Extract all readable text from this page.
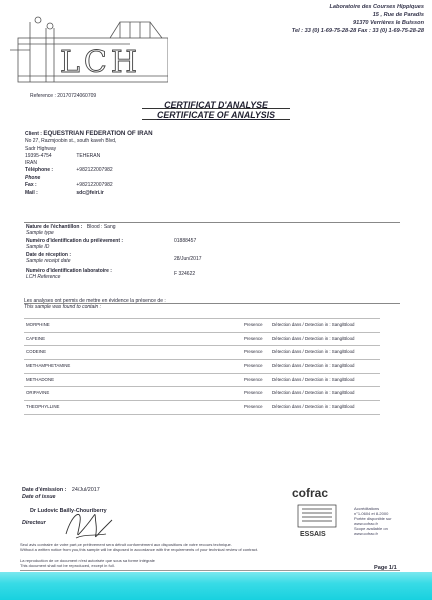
LCH
Laboratoire des Courses Hippiques
15 , Rue de Paradis
91370 Verrières le Buisson
Tel : 33 (0) 1-69-75-28-28 Fax : 33 (0) 1-69-75-28-28
Reference : 20170724060709
CERTIFICAT D'ANALYSE
CERTIFICATE OF ANALYSIS
Client : EQUESTRIAN FEDERATION OF IRAN
No 27, Razmjoobin st., south kaveh Blvd,
Sadr Highway
19395-4754	TEHERAN
IRAN
Téléphone :	+982122007982
Phone
Fax :	+982122007982
Mail :	sdc@feiri.ir
Nature de l'échantillon : Blood : Sang
Sample type
Numéro d'identification du prélèvement :	01888457
Sample ID
Date de réception :
28/Jun/2017
Sample receipt date
Numéro d'identification laboratoire :	F 324622
LCH Reference
Les analyses ont permis de mettre en évidence la présence de :
This sample was found to contain :
MORPHINE	Presence Détection dans / Detection in : Sang/Blood
CAFEINE	Presence Détection dans / Detection in : Sang/Blood
CODEINE	Presence Détection dans / Detection in : Sang/Blood
METHAMPHETAMINE	Presence Détection dans / Detection in : Sang/Blood
METHADONE	Presence Détection dans / Detection in : Sang/Blood
ORIPAVINE	Presence Détection dans / Detection in : Sang/Blood
THEOPHYLLINE	Presence Détection dans / Detection in : Sang/Blood
Date d'émission : 24/Jul/2017
Date of issue
Dr Ludovic Bailly-Chouriberry
Directeur
cofrac
ESSAIS
Accréditations
n°1-0604 et 8-2000
Portée disponible sur
www.cofrac.fr
Scope available on
www.cofrac.fr
Seul avis contraire de votre part,ce prélèvement sera détruit conformément aux dispositions de votre recours technique.
Without a written notice from you,this sample will be disposed in accordance with the requirements of your technical review of contract.
La reproduction de ce document n'est autorisée que sous sa forme intégrale
This document shall not be reproduced, except in full.	Page 1/1
